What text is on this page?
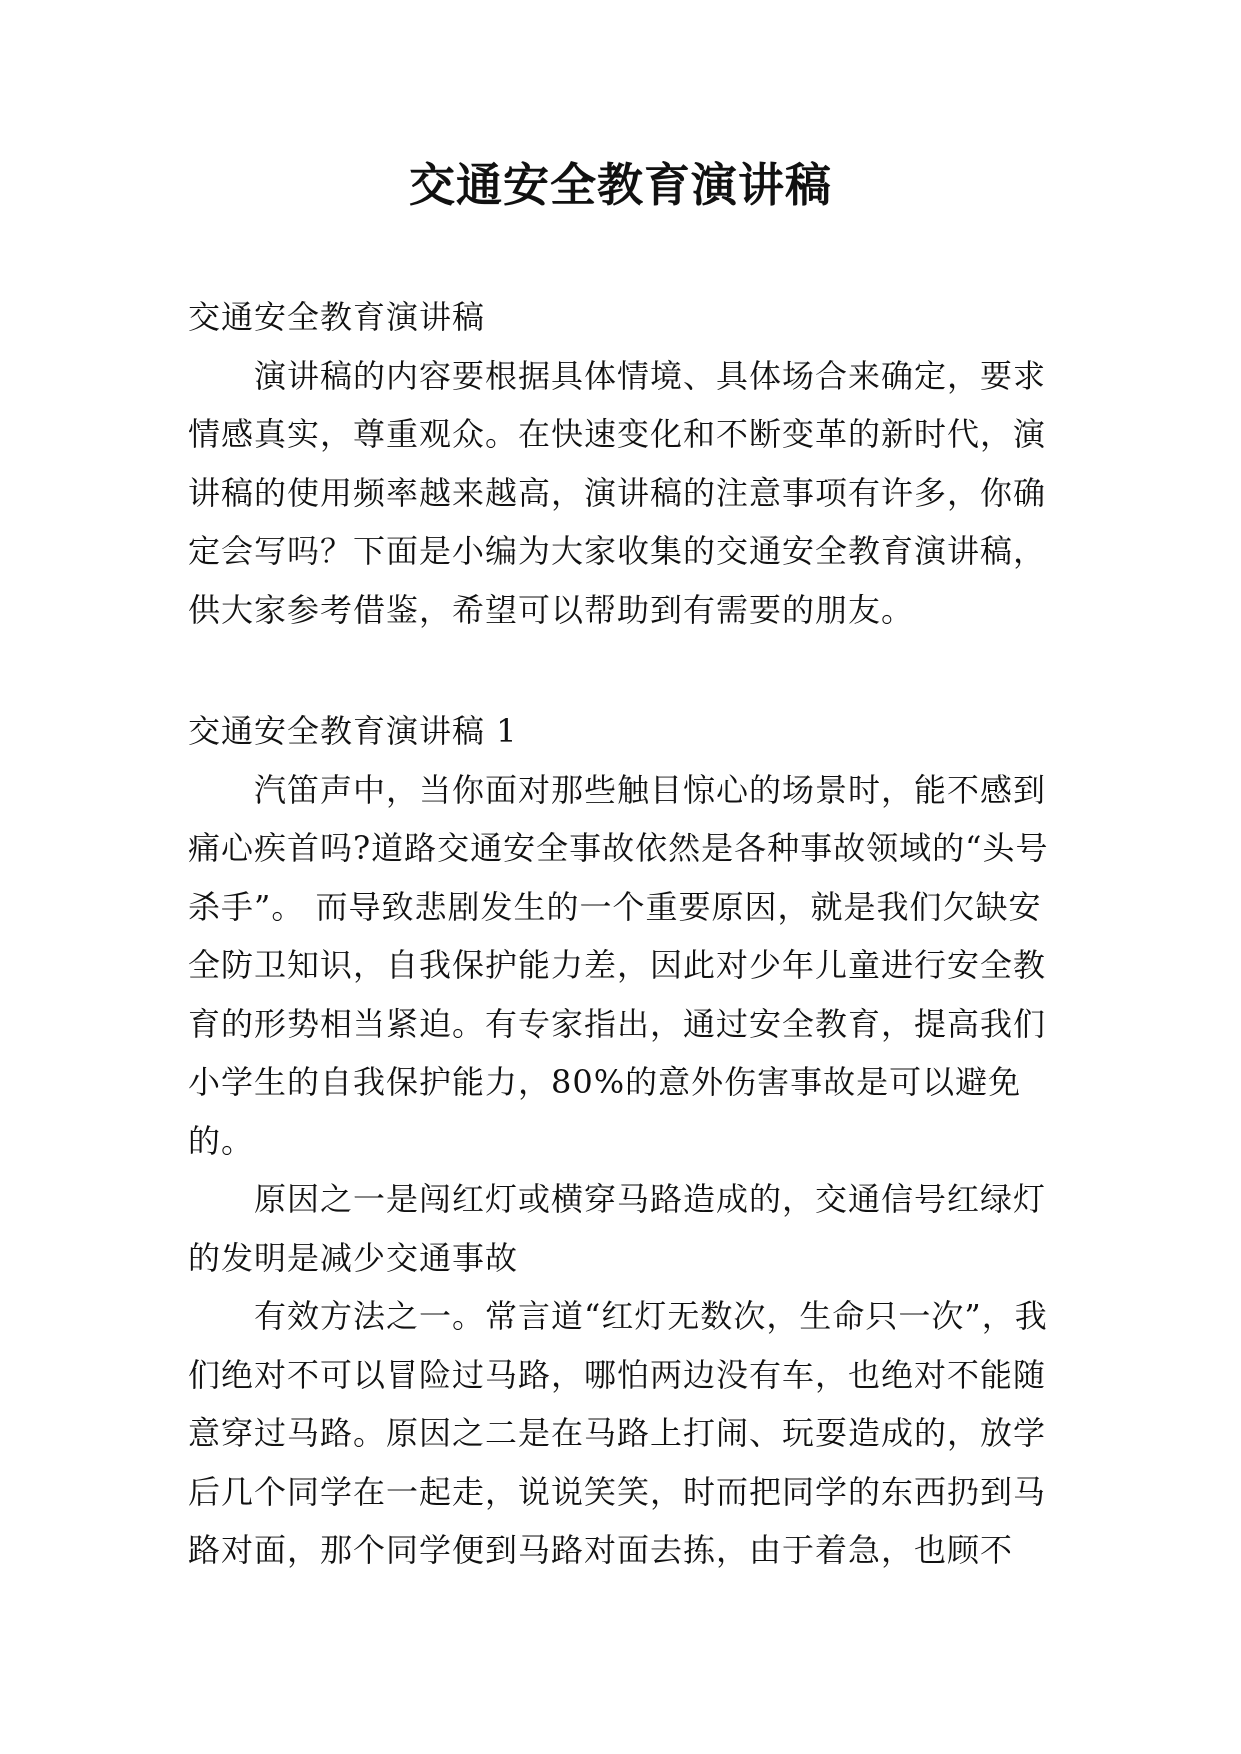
交通安全教育演讲稿

交通安全教育演讲稿

演讲稿的内容要根据具体情境、具体场合来确定，要求情感真实，尊重观众。在快速变化和不断变革的新时代，演讲稿的使用频率越来越高，演讲稿的注意事项有许多，你确定会写吗？下面是小编为大家收集的交通安全教育演讲稿，供大家参考借鉴，希望可以帮助到有需要的朋友。

交通安全教育演讲稿 1

汽笛声中，当你面对那些触目惊心的场景时，能不感到痛心疾首吗?道路交通安全事故依然是各种事故领域的“头号杀手”。 而导致悲剧发生的一个重要原因，就是我们欠缺安全防卫知识，自我保护能力差，因此对少年儿童进行安全教育的形势相当紧迫。有专家指出，通过安全教育，提高我们小学生的自我保护能力，80%的意外伤害事故是可以避免的。

原因之一是闯红灯或横穿马路造成的，交通信号红绿灯的发明是减少交通事故

有效方法之一。常言道“红灯无数次，生命只一次”，我们绝对不可以冒险过马路，哪怕两边没有车，也绝对不能随意穿过马路。原因之二是在马路上打闹、玩耍造成的，放学后几个同学在一起走，说说笑笑，时而把同学的东西扔到马路对面，那个同学便到马路对面去拣，由于着急，也顾不
